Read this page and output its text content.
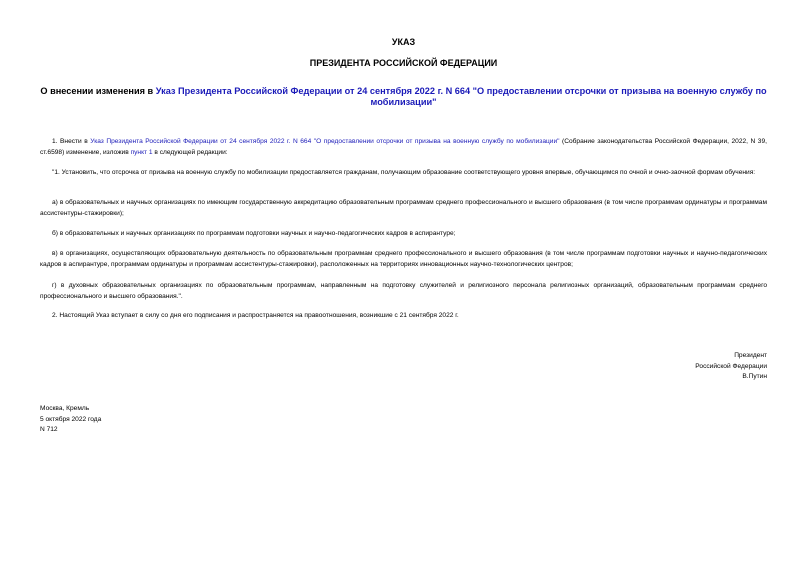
УКАЗ
ПРЕЗИДЕНТА РОССИЙСКОЙ ФЕДЕРАЦИИ
О внесении изменения в Указ Президента Российской Федерации от 24 сентября 2022 г. N 664 "О предоставлении отсрочки от призыва на военную службу по мобилизации"
1. Внести в Указ Президента Российской Федерации от 24 сентября 2022 г. N 664 "О предоставлении отсрочки от призыва на военную службу по мобилизации" (Собрание законодательства Российской Федерации, 2022, N 39, ст.6598) изменение, изложив пункт 1 в следующей редакции:
"1. Установить, что отсрочка от призыва на военную службу по мобилизации предоставляется гражданам, получающим образование соответствующего уровня впервые, обучающимся по очной и очно-заочной формам обучения:
а) в образовательных и научных организациях по имеющим государственную аккредитацию образовательным программам среднего профессионального и высшего образования (в том числе программам ординатуры и программам ассистентуры-стажировки);
б) в образовательных и научных организациях по программам подготовки научных и научно-педагогических кадров в аспирантуре;
в) в организациях, осуществляющих образовательную деятельность по образовательным программам среднего профессионального и высшего образования (в том числе программам подготовки научных и научно-педагогических кадров в аспирантуре, программам ординатуры и программам ассистентуры-стажировки), расположенных на территориях инновационных научно-технологических центров;
г) в духовных образовательных организациях по образовательным программам, направленным на подготовку служителей и религиозного персонала религиозных организаций, образовательным программам среднего профессионального и высшего образования.".
2. Настоящий Указ вступает в силу со дня его подписания и распространяется на правоотношения, возникшие с 21 сентября 2022 г.
Президент
Российской Федерации
В.Путин
Москва, Кремль
5 октября 2022 года
N 712
